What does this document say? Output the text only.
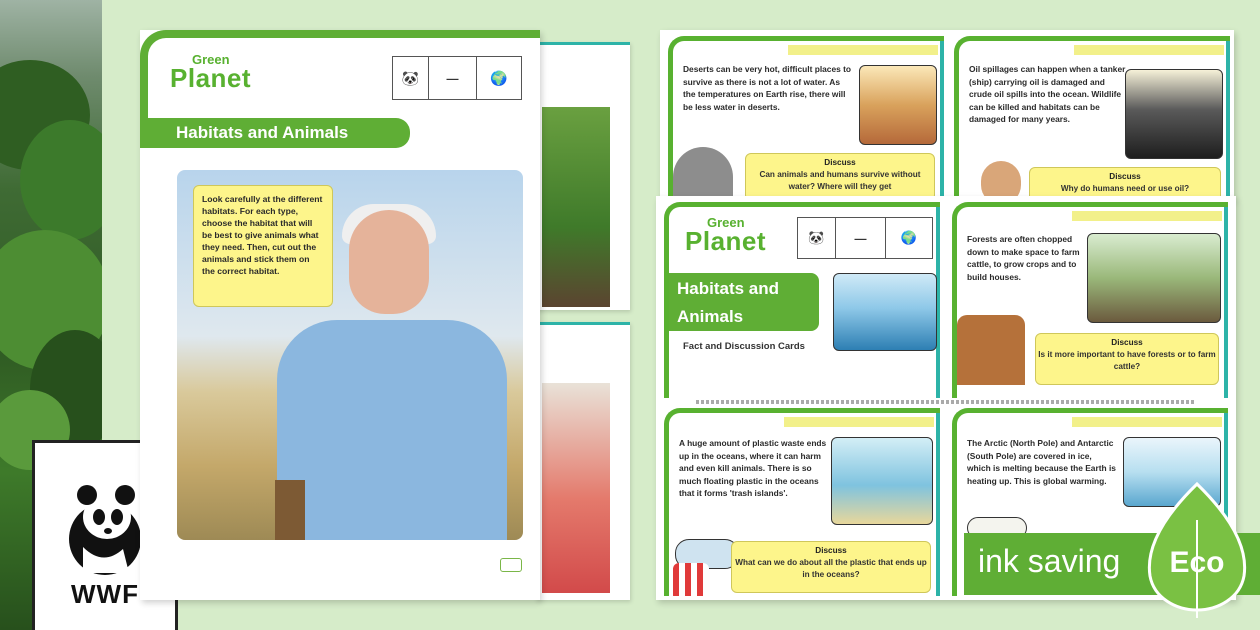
WWF
Green
Planet	🐼	▬▬▬ 🌍
Habitats and Animals
Look carefully at the different habitats. For each type, choose the habitat that will be best to give animals what they need. Then, cut out the animals and stick them on the correct habitat.
Deserts can be very hot, difficult places to survive as there is not a lot of water. As the temperatures on Earth rise, there will be less water in deserts.
Discuss
Can animals and humans survive without water? Where will they get
Oil spillages can happen when a tanker (ship) carrying oil is damaged and crude oil spills into the ocean. Wildlife can be killed and habitats can be damaged for many years.
Discuss
Why do humans need or use oil?
Green
Planet	🐼	▬▬▬	🌍
Habitats and
Animals
Fact and Discussion Cards
Forests are often chopped down to make space to farm cattle, to grow crops and to build houses.
Discuss
Is it more important to have forests or to farm cattle?
A huge amount of plastic waste ends up in the oceans, where it can harm and even kill animals. There is so much floating plastic in the oceans that it forms 'trash islands'.
Discuss
What can we do about all the plastic that ends up in the oceans?
The Arctic (North Pole) and Antarctic (South Pole) are covered in ice, which is melting because the Earth is heating up. This is global warming.
ink saving Eco
